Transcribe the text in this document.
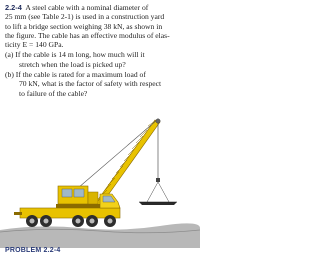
2.2-4 A steel cable with a nominal diameter of
25 mm (see Table 2-1) is used in a construction yard
to lift a bridge section weighing 38 kN, as shown in
the figure. The cable has an effective modulus of elas-
ticity E = 140 GPa.

(a) If the cable is 14 m long, how much will it
stretch when the load is picked up?

(b) If the cable is rated for a maximum load of
70 kN, what is the factor of safety with respect
to failure of the cable?

PROBLEM 2.2-4
